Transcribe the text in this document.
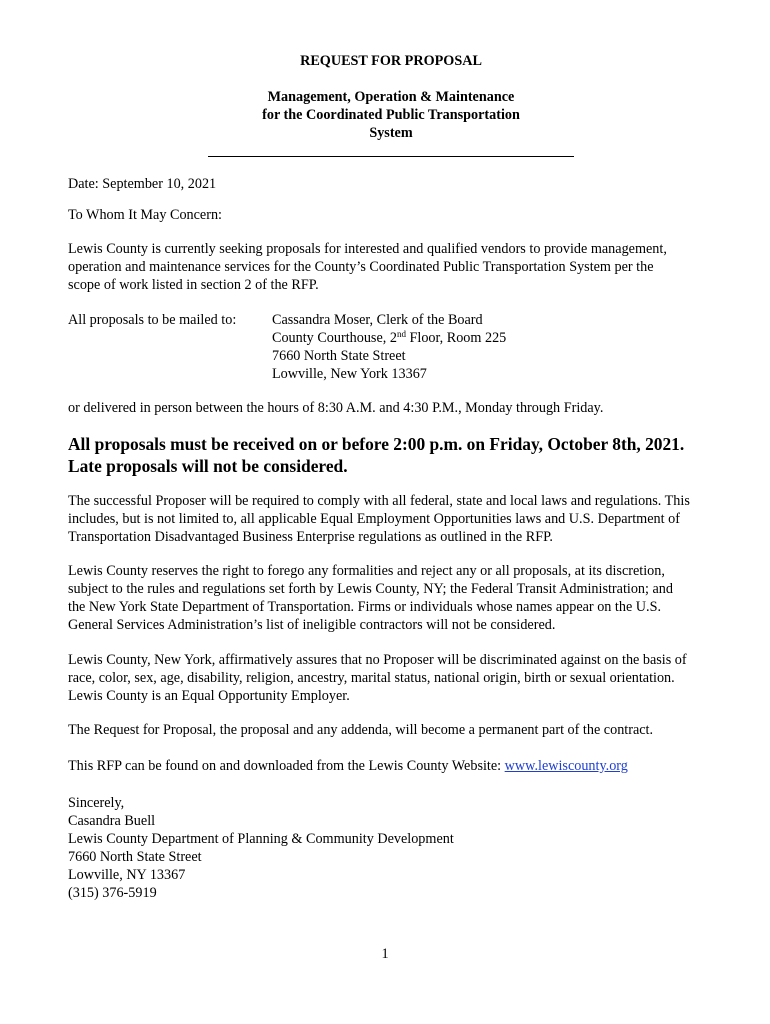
REQUEST FOR PROPOSAL
Management, Operation & Maintenance
for the Coordinated Public Transportation
System

Date: September 10, 2021

To Whom It May Concern:

Lewis County is currently seeking proposals for interested and qualified vendors to provide management,
operation and maintenance services for the County’s Coordinated Public Transportation System per the
scope of work listed in section 2 of the RFP.

All proposals to be mailed to:	Cassandra Moser, Clerk of the Board
County Courthouse, 2nd Floor, Room 225
7660 North State Street
Lowville, New York 13367

or delivered in person between the hours of 8:30 A.M. and 4:30 P.M., Monday through Friday.

All proposals must be received on or before 2:00 p.m. on Friday, October 8th, 2021.
Late proposals will not be considered.

The successful Proposer will be required to comply with all federal, state and local laws and regulations. This
includes, but is not limited to, all applicable Equal Employment Opportunities laws and U.S. Department of
Transportation Disadvantaged Business Enterprise regulations as outlined in the RFP.

Lewis County reserves the right to forego any formalities and reject any or all proposals, at its discretion,
subject to the rules and regulations set forth by Lewis County, NY; the Federal Transit Administration; and
the New York State Department of Transportation. Firms or individuals whose names appear on the U.S.
General Services Administration’s list of ineligible contractors will not be considered.

Lewis County, New York, affirmatively assures that no Proposer will be discriminated against on the basis of
race, color, sex, age, disability, religion, ancestry, marital status, national origin, birth or sexual orientation.
Lewis County is an Equal Opportunity Employer.

The Request for Proposal, the proposal and any addenda, will become a permanent part of the contract.

This RFP can be found on and downloaded from the Lewis County Website: www.lewiscounty.org

Sincerely,
Casandra Buell
Lewis County Department of Planning & Community Development
7660 North State Street
Lowville, NY 13367
(315) 376-5919
1
